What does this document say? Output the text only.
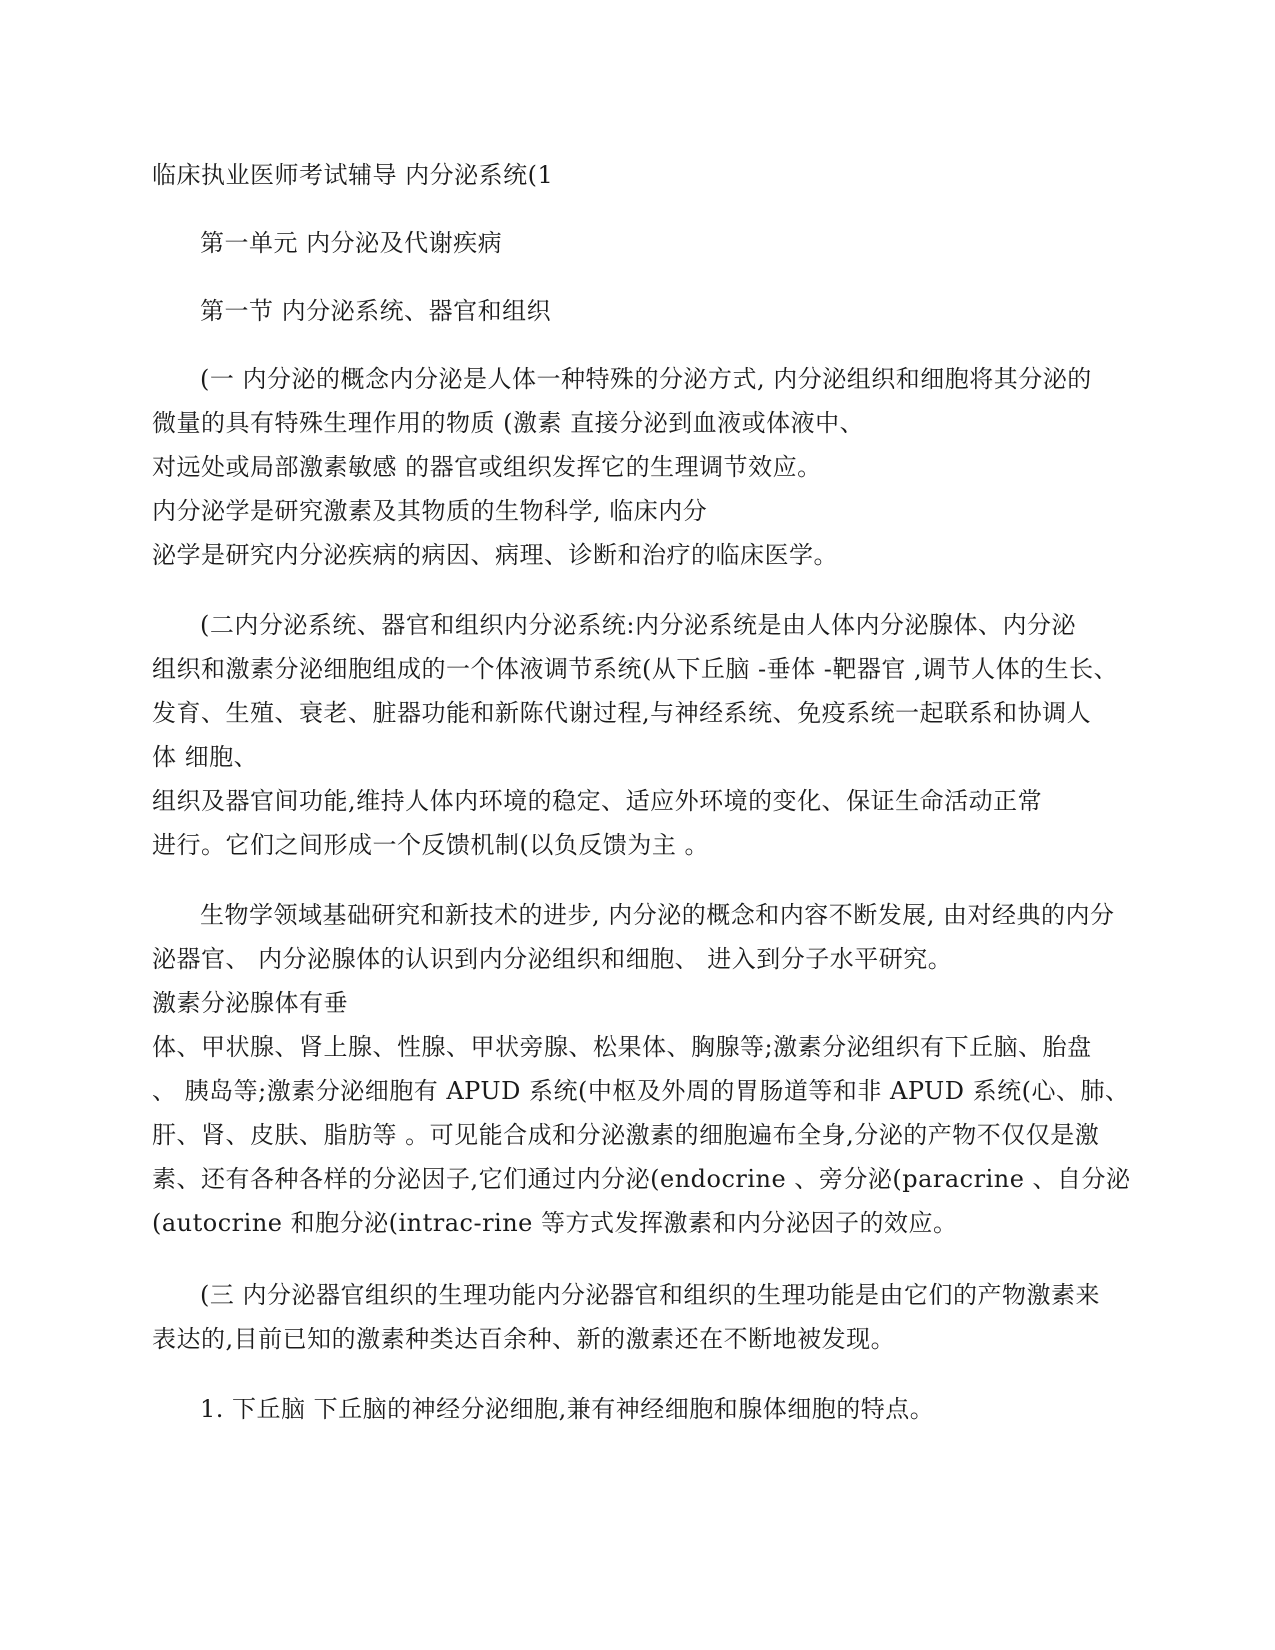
临床执业医师考试辅导 内分泌系统(1
第一单元 内分泌及代谢疾病
第一节 内分泌系统、器官和组织
(一 内分泌的概念内分泌是人体一种特殊的分泌方式, 内分泌组织和细胞将其分泌的
微量的具有特殊生理作用的物质 (激素 直接分泌到血液或体液中、
对远处或局部激素敏感 的器官或组织发挥它的生理调节效应。
内分泌学是研究激素及其物质的生物科学, 临床内分
泌学是研究内分泌疾病的病因、病理、诊断和治疗的临床医学。
(二内分泌系统、器官和组织内分泌系统:内分泌系统是由人体内分泌腺体、内分泌
组织和激素分泌细胞组成的一个体液调节系统(从下丘脑 -垂体 -靶器官 ,调节人体的生长、
发育、生殖、衰老、脏器功能和新陈代谢过程,与神经系统、免疫系统一起联系和协调人
体 细胞、
组织及器官间功能,维持人体内环境的稳定、适应外环境的变化、保证生命活动正常
进行。它们之间形成一个反馈机制(以负反馈为主 。
生物学领域基础研究和新技术的进步, 内分泌的概念和内容不断发展, 由对经典的内分
泌器官、 内分泌腺体的认识到内分泌组织和细胞、 进入到分子水平研究。
激素分泌腺体有垂
体、甲状腺、肾上腺、性腺、甲状旁腺、松果体、胸腺等;激素分泌组织有下丘脑、胎盘
、 胰岛等;激素分泌细胞有 APUD 系统(中枢及外周的胃肠道等和非 APUD 系统(心、肺、
肝、肾、皮肤、脂肪等 。可见能合成和分泌激素的细胞遍布全身,分泌的产物不仅仅是激
素、还有各种各样的分泌因子,它们通过内分泌(endocrine 、旁分泌(paracrine 、自分泌
(autocrine 和胞分泌(intrac-rine 等方式发挥激素和内分泌因子的效应。
(三 内分泌器官组织的生理功能内分泌器官和组织的生理功能是由它们的产物激素来
表达的,目前已知的激素种类达百余种、新的激素还在不断地被发现。
1. 下丘脑 下丘脑的神经分泌细胞,兼有神经细胞和腺体细胞的特点。
